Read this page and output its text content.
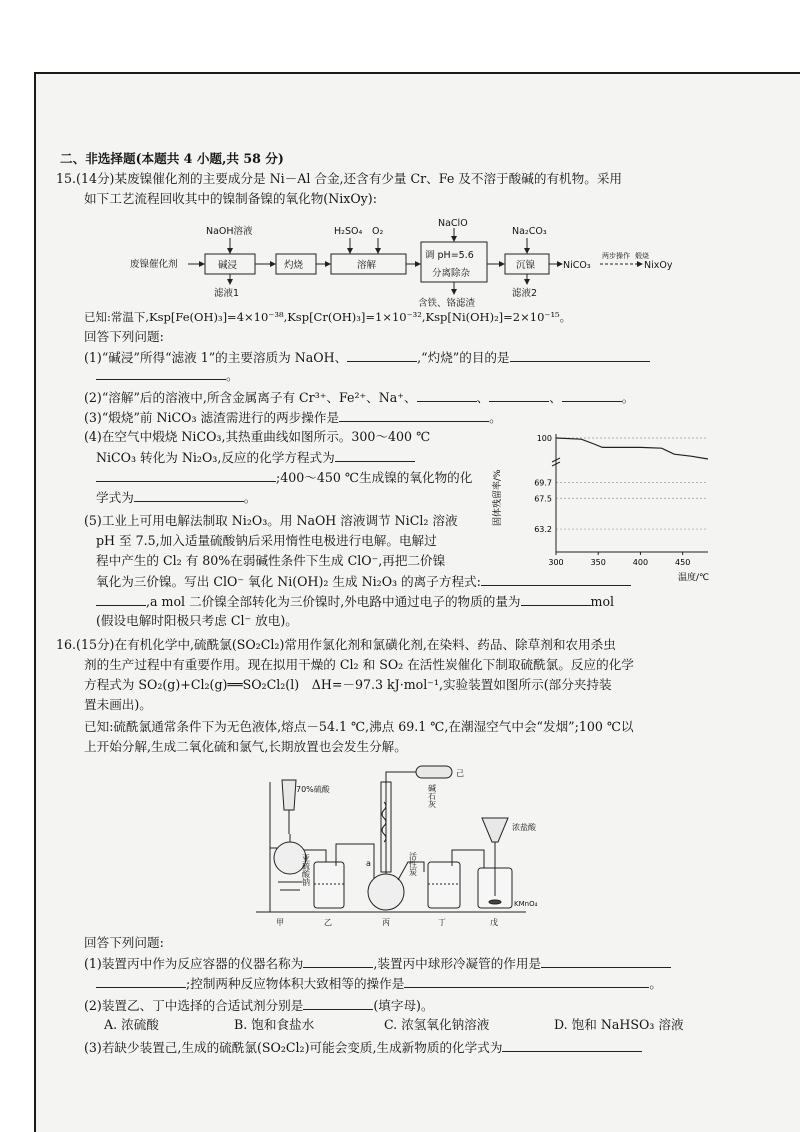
二、非选择题(本题共 4 小题,共 58 分)
15.(14分)某废镍催化剂的主要成分是 Ni－Al 合金,还含有少量 Cr、Fe 及不溶于酸碱的有机物。采用
如下工艺流程回收其中的镍制备镍的氧化物(NixOy):
已知:常温下,Ksp[Fe(OH)₃]=4×10⁻³⁸,Ksp[Cr(OH)₃]=1×10⁻³²,Ksp[Ni(OH)₂]=2×10⁻¹⁵。
回答下列问题:
(1)“碱浸”所得“滤液 1”的主要溶质为 NaOH、	,“灼烧”的目的是
。
(2)“溶解”后的溶液中,所含金属离子有 Cr³⁺、Fe²⁺、Na⁺、	、	、	。
(3)“煅烧”前 NiCO₃ 滤渣需进行的两步操作是	。
(4)在空气中煅烧 NiCO₃,其热重曲线如图所示。300～400 ℃
NiCO₃ 转化为 Ni₂O₃,反应的化学方程式为
;400～450 ℃生成镍的氧化物的化
学式为	。
(5)工业上可用电解法制取 Ni₂O₃。用 NaOH 溶液调节 NiCl₂ 溶液
pH 至 7.5,加入适量硫酸钠后采用惰性电极进行电解。电解过
程中产生的 Cl₂ 有 80%在弱碱性条件下生成 ClO⁻,再把二价镍
氧化为三价镍。写出 ClO⁻ 氧化 Ni(OH)₂ 生成 Ni₂O₃ 的离子方程式:
,a mol 二价镍全部转化为三价镍时,外电路中通过电子的物质的量为	mol
(假设电解时阳极只考虑 Cl⁻ 放电)。
16.(15分)在有机化学中,硫酰氯(SO₂Cl₂)常用作氯化剂和氯磺化剂,在染料、药品、除草剂和农用杀虫
剂的生产过程中有重要作用。现在拟用干燥的 Cl₂ 和 SO₂ 在活性炭催化下制取硫酰氯。反应的化学
方程式为 SO₂(g)+Cl₂(g)══SO₂Cl₂(l)　ΔH=－97.3 kJ·mol⁻¹,实验装置如图所示(部分夹持装
置未画出)。
已知:硫酰氯通常条件下为无色液体,熔点－54.1 ℃,沸点 69.1 ℃,在潮湿空气中会“发烟”;100 ℃以
上开始分解,生成二氧化硫和氯气,长期放置也会发生分解。
回答下列问题:
(1)装置丙中作为反应容器的仪器名称为	,装置丙中球形冷凝管的作用是
;控制两种反应物体积大致相等的操作是	。
(2)装置乙、丁中选择的合适试剂分别是	(填字母)。
A. 浓硫酸	B. 饱和食盐水	C. 浓氢氧化钠溶液	D. 饱和 NaHSO₃ 溶液
(3)若缺少装置己,生成的硫酰氯(SO₂Cl₂)可能会变质,生成新物质的化学式为
废镍催化剂	碱浸
NaOH溶液
滤液1
灼烧	溶解
H₂SO₄ O₂
调 pH=5.6
分离除杂
NaClO
含铁、铬滤渣
沉镍
Na₂CO₃
滤液2
NiCO₃
两步操作 煅烧
NixOy
100
69.7
67.5
63.2
300	350	400	450
温度/℃
固体残留率/%
70%硫酸
亚硫酸钠	活性炭
碱石灰
浓盐酸
KMnO₄
a
己
甲	乙	丙	丁	戊
